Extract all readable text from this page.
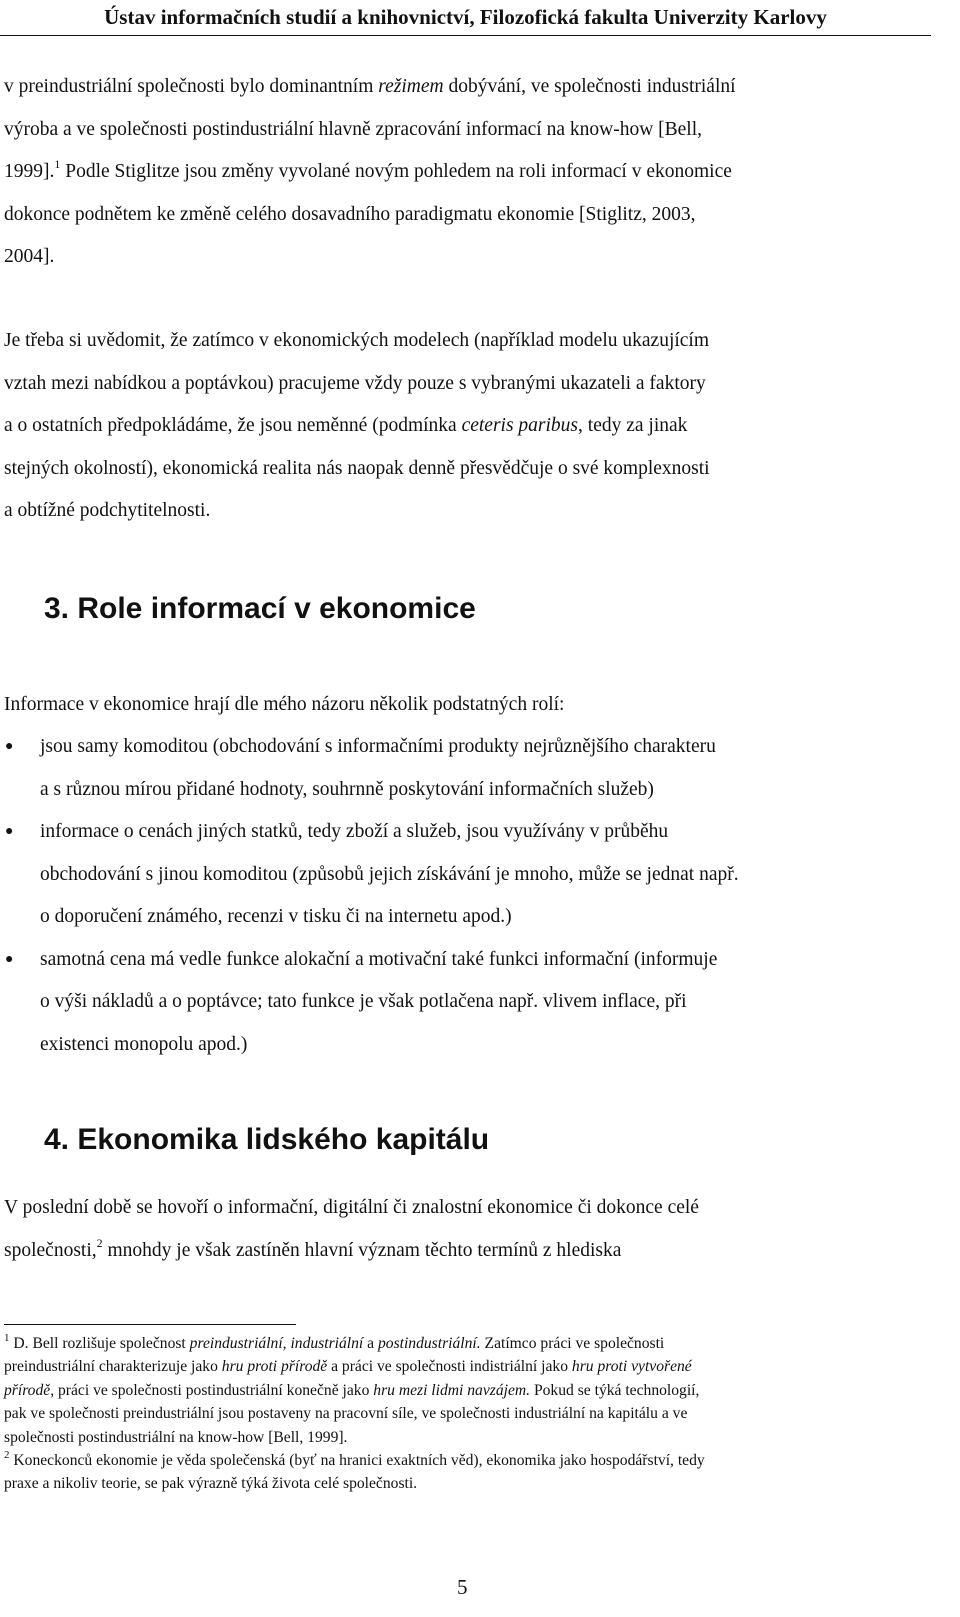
Ústav informačních studií a knihovnictví, Filozofická fakulta Univerzity Karlovy
v preindustriální společnosti bylo dominantním režimem dobývání, ve společnosti industriální
výroba a ve společnosti postindustriální hlavně zpracování informací na know-how [Bell,
1999].$^1$ Podle Stiglitze jsou změny vyvolané novým pohledem na roli informací v ekonomice
dokonce podnětem ke změně celého dosavadního paradigmatu ekonomie [Stiglitz, 2003,
2004].
Je třeba si uvědomit, že zatímco v ekonomických modelech (například modelu ukazujícím
vztah mezi nabídkou a poptávkou) pracujeme vždy pouze s vybranými ukazateli a faktory
a o ostatních předpokládáme, že jsou neměnné (podmínka ceteris paribus, tedy za jinak
stejných okolností), ekonomická realita nás naopak denně přesvědčuje o své komplexnosti
a obtížné podchytitelnosti.
3. Role informací v ekonomice
Informace v ekonomice hrají dle mého názoru několik podstatných rolí:
● jsou samy komoditou (obchodování s informačními produkty nejrůznějšího charakteru
a s různou mírou přidané hodnoty, souhrnně poskytování informačních služeb)
● informace o cenách jiných statků, tedy zboží a služeb, jsou využívány v průběhu
obchodování s jinou komoditou (způsobů jejich získávání je mnoho, může se jednat např.
o doporučení známého, recenzi v tisku či na internetu apod.)
● samotná cena má vedle funkce alokační a motivační také funkci informační (informuje
o výši nákladů a o poptávce; tato funkce je však potlačena např. vlivem inflace, při
existenci monopolu apod.)
4. Ekonomika lidského kapitálu
V poslední době se hovoří o informační, digitální či znalostní ekonomice či dokonce celé
společnosti,$^2$ mnohdy je však zastíněn hlavní význam těchto termínů z hlediska
$^1$ D. Bell rozlišuje společnost preindustriální, industriální a postindustriální. Zatímco práci ve společnosti
preindustriální charakterizuje jako hru proti přírodě a práci ve společnosti indistriální jako hru proti vytvořené
přírodě, práci ve společnosti postindustriální konečně jako hru mezi lidmi navzájem. Pokud se týká technologií,
pak ve společnosti preindustriální jsou postaveny na pracovní síle, ve společnosti industriální na kapitálu a ve
společnosti postindustriální na know-how [Bell, 1999].
$^2$ Koneckonců ekonomie je věda společenská (byť na hranici exaktních věd), ekonomika jako hospodářství, tedy
praxe a nikoliv teorie, se pak výrazně týká života celé společnosti.
5
